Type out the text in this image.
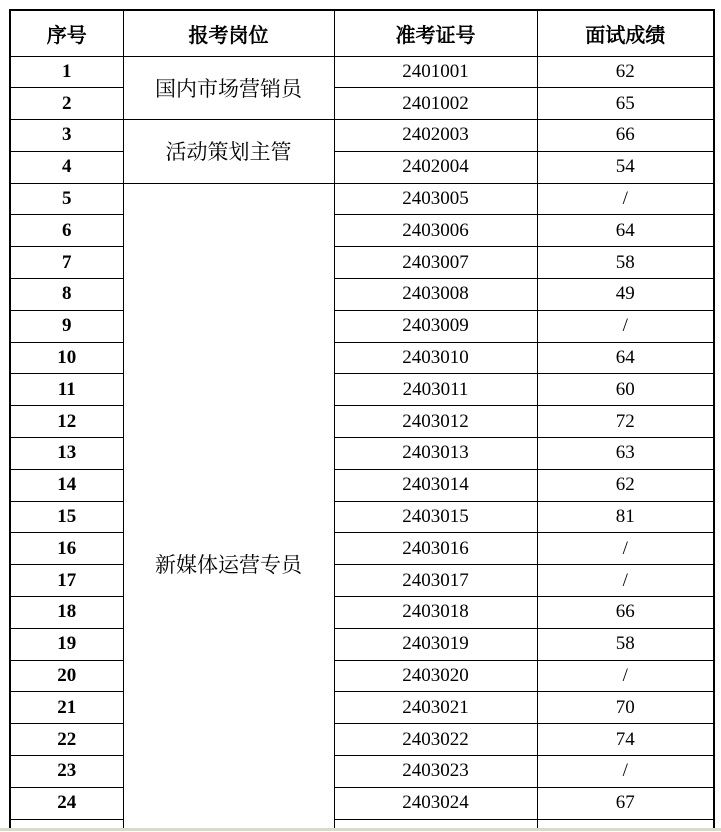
序号	报考岗位	准考证号	面试成绩
1	国内市场营销员	2401001	62
2		2401002	65
3	活动策划主管	2402003	66
4		2402004	54
5	新媒体运营专员	2403005	/
6		2403006	64
7		2403007	58
8		2403008	49
9		2403009	/
10		2403010	64
11		2403011	60
12		2403012	72
13		2403013	63
14		2403014	62
15		2403015	81
16		2403016	/
17		2403017	/
18		2403018	66
19		2403019	58
20		2403020	/
21		2403021	70
22		2403022	74
23		2403023	/
24		2403024	67
